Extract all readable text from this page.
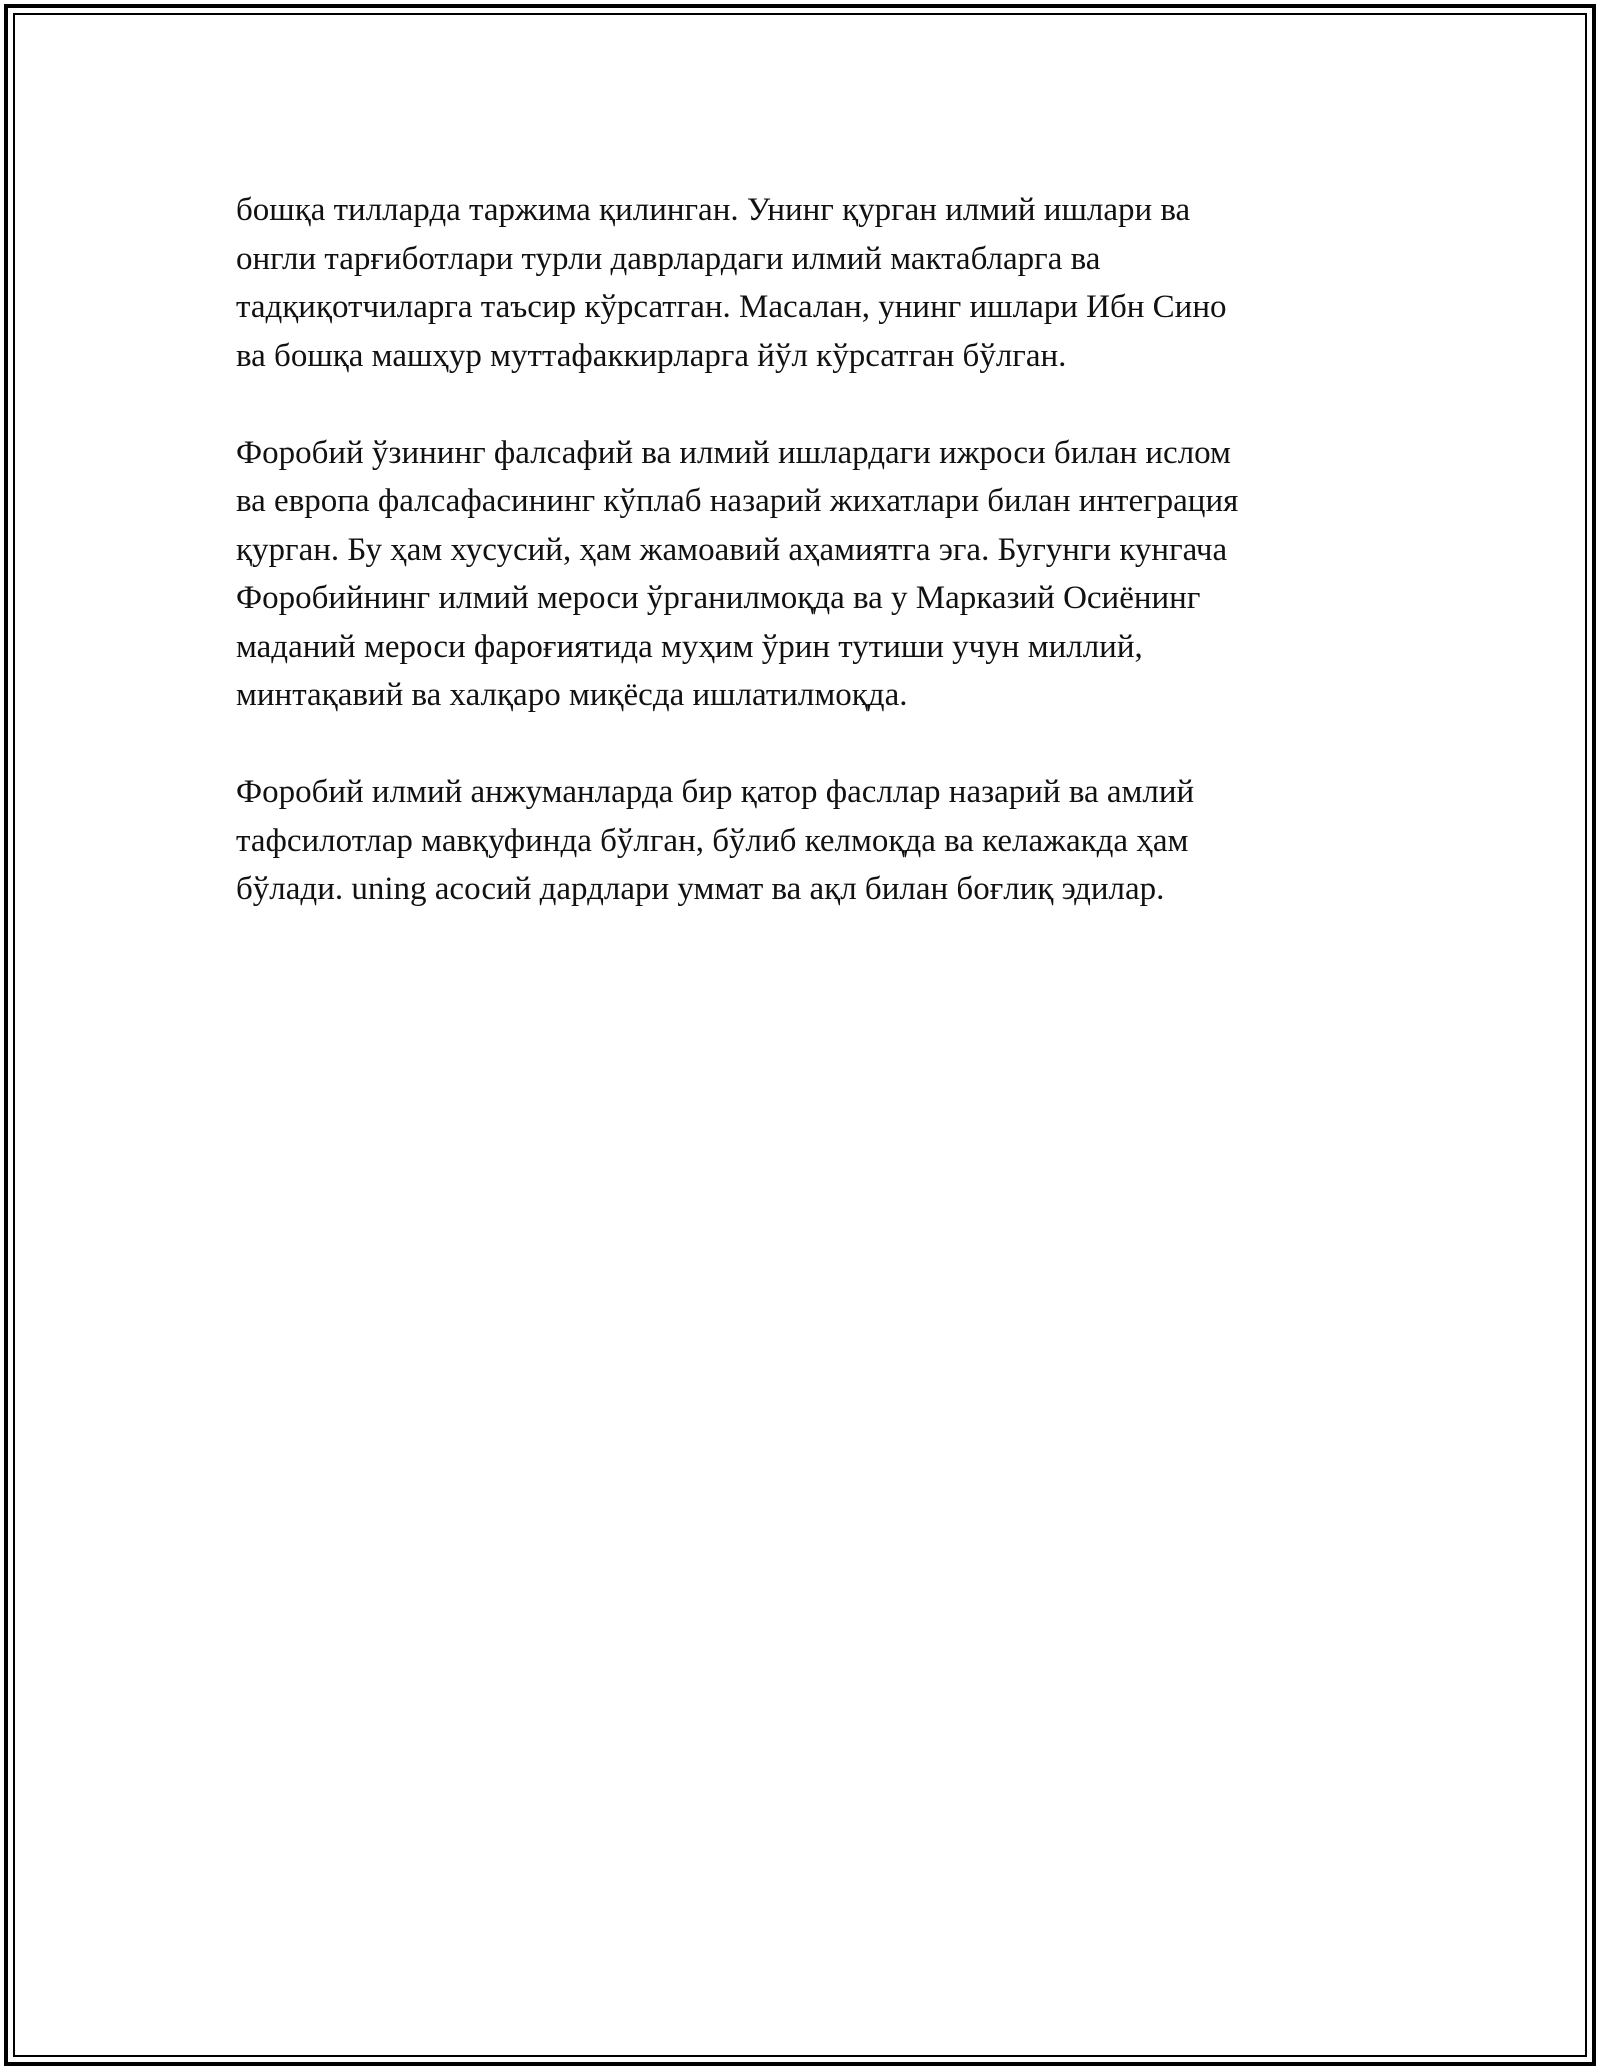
бошқа тилларда таржима қилинган. Унинг қурган илмий ишлари ва
онгли тарғиботлари турли даврлардаги илмий мактабларга ва
тадқиқотчиларга таъсир кўрсатган. Масалан, унинг ишлари Ибн Сино
ва бошқа машҳур муттафаккирларга йўл кўрсатган бўлган.

Форобий ўзининг фалсафий ва илмий ишлардаги ижроси билан ислом
ва европа фалсафасининг кўплаб назарий жихатлари билан интеграция
қурган. Бу ҳам хусусий, ҳам жамоавий аҳамиятга эга. Бугунги кунгача
Форобийнинг илмий мероси ўрганилмоқда ва у Марказий Осиёнинг
маданий мероси фароғиятида муҳим ўрин тутиши учун миллий,
минтақавий ва халқаро миқёсда ишлатилмоқда.

Форобий илмий анжуманларда бир қатор фасллар назарий ва амлий
тафсилотлар мавқуфинда бўлган, бўлиб келмоқда ва келажакда ҳам
бўлади. uning асосий дардлари уммат ва ақл билан боғлиқ эдилар.
